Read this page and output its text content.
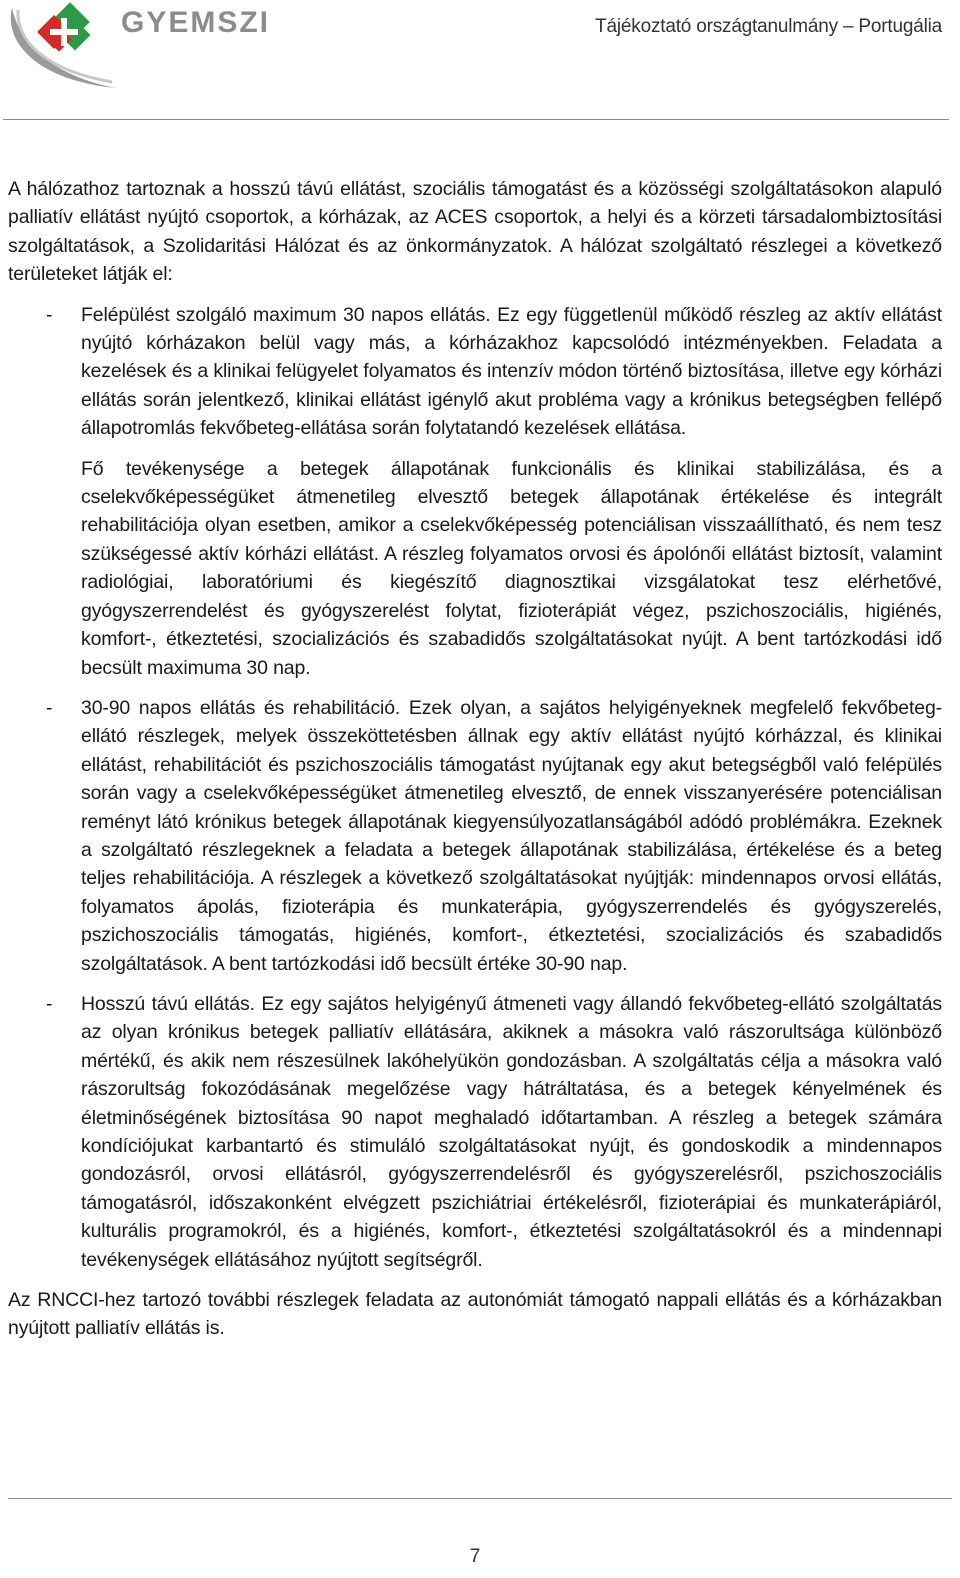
GYEMSZI	Tájékoztató országtanulmány – Portugália

A hálózathoz tartoznak a hosszú távú ellátást, szociális támogatást és a közösségi szolgáltatásokon alapuló palliatív ellátást nyújtó csoportok, a kórházak, az ACES csoportok, a helyi és a körzeti társadalombiztosítási szolgáltatások, a Szolidaritási Hálózat és az önkormányzatok. A hálózat szolgáltató részlegei a következő területeket látják el:

- Felépülést szolgáló maximum 30 napos ellátás. Ez egy függetlenül működő részleg az aktív ellátást nyújtó kórházakon belül vagy más, a kórházakhoz kapcsolódó intézményekben. Feladata a kezelések és a klinikai felügyelet folyamatos és intenzív módon történő biztosítása, illetve egy kórházi ellátás során jelentkező, klinikai ellátást igénylő akut probléma vagy a krónikus betegségben fellépő állapotromlás fekvőbeteg-ellátása során folytatandó kezelések ellátása.

Fő tevékenysége a betegek állapotának funkcionális és klinikai stabilizálása, és a cselekvőképességüket átmenetileg elvesztő betegek állapotának értékelése és integrált rehabilitációja olyan esetben, amikor a cselekvőképesség potenciálisan visszaállítható, és nem tesz szükségessé aktív kórházi ellátást. A részleg folyamatos orvosi és ápolónői ellátást biztosít, valamint radiológiai, laboratóriumi és kiegészítő diagnosztikai vizsgálatokat tesz elérhetővé, gyógyszerrendelést és gyógyszerelést folytat, fizioterápiát végez, pszichoszociális, higiénés, komfort-, étkeztetési, szocializációs és szabadidős szolgáltatásokat nyújt. A bent tartózkodási idő becsült maximuma 30 nap.

- 30-90 napos ellátás és rehabilitáció. Ezek olyan, a sajátos helyigényeknek megfelelő fekvőbeteg-ellátó részlegek, melyek összeköttetésben állnak egy aktív ellátást nyújtó kórházzal, és klinikai ellátást, rehabilitációt és pszichoszociális támogatást nyújtanak egy akut betegségből való felépülés során vagy a cselekvőképességüket átmenetileg elvesztő, de ennek visszanyerésére potenciálisan reményt látó krónikus betegek állapotának kiegyensúlyozatlanságából adódó problémákra. Ezeknek a szolgáltató részlegeknek a feladata a betegek állapotának stabilizálása, értékelése és a beteg teljes rehabilitációja. A részlegek a következő szolgáltatásokat nyújtják: mindennapos orvosi ellátás, folyamatos ápolás, fizioterápia és munkaterápia, gyógyszerrendelés és gyógyszerelés, pszichoszociális támogatás, higiénés, komfort-, étkeztetési, szocializációs és szabadidős szolgáltatások. A bent tartózkodási idő becsült értéke 30-90 nap.

- Hosszú távú ellátás. Ez egy sajátos helyigényű átmeneti vagy állandó fekvőbeteg-ellátó szolgáltatás az olyan krónikus betegek palliatív ellátására, akiknek a másokra való rászorultsága különböző mértékű, és akik nem részesülnek lakóhelyükön gondozásban. A szolgáltatás célja a másokra való rászorultság fokozódásának megelőzése vagy hátráltatása, és a betegek kényelmének és életminőségének biztosítása 90 napot meghaladó időtartamban. A részleg a betegek számára kondíciójukat karbantartó és stimuláló szolgáltatásokat nyújt, és gondoskodik a mindennapos gondozásról, orvosi ellátásról, gyógyszerrendelésről és gyógyszerelésről, pszichoszociális támogatásról, időszakonként elvégzett pszichiátriai értékelésről, fizioterápiai és munkaterápiáról, kulturális programokról, és a higiénés, komfort-, étkeztetési szolgáltatásokról és a mindennapi tevékenységek ellátásához nyújtott segítségről.

Az RNCCI-hez tartozó további részlegek feladata az autonómiát támogató nappali ellátás és a kórházakban nyújtott palliatív ellátás is.

7
